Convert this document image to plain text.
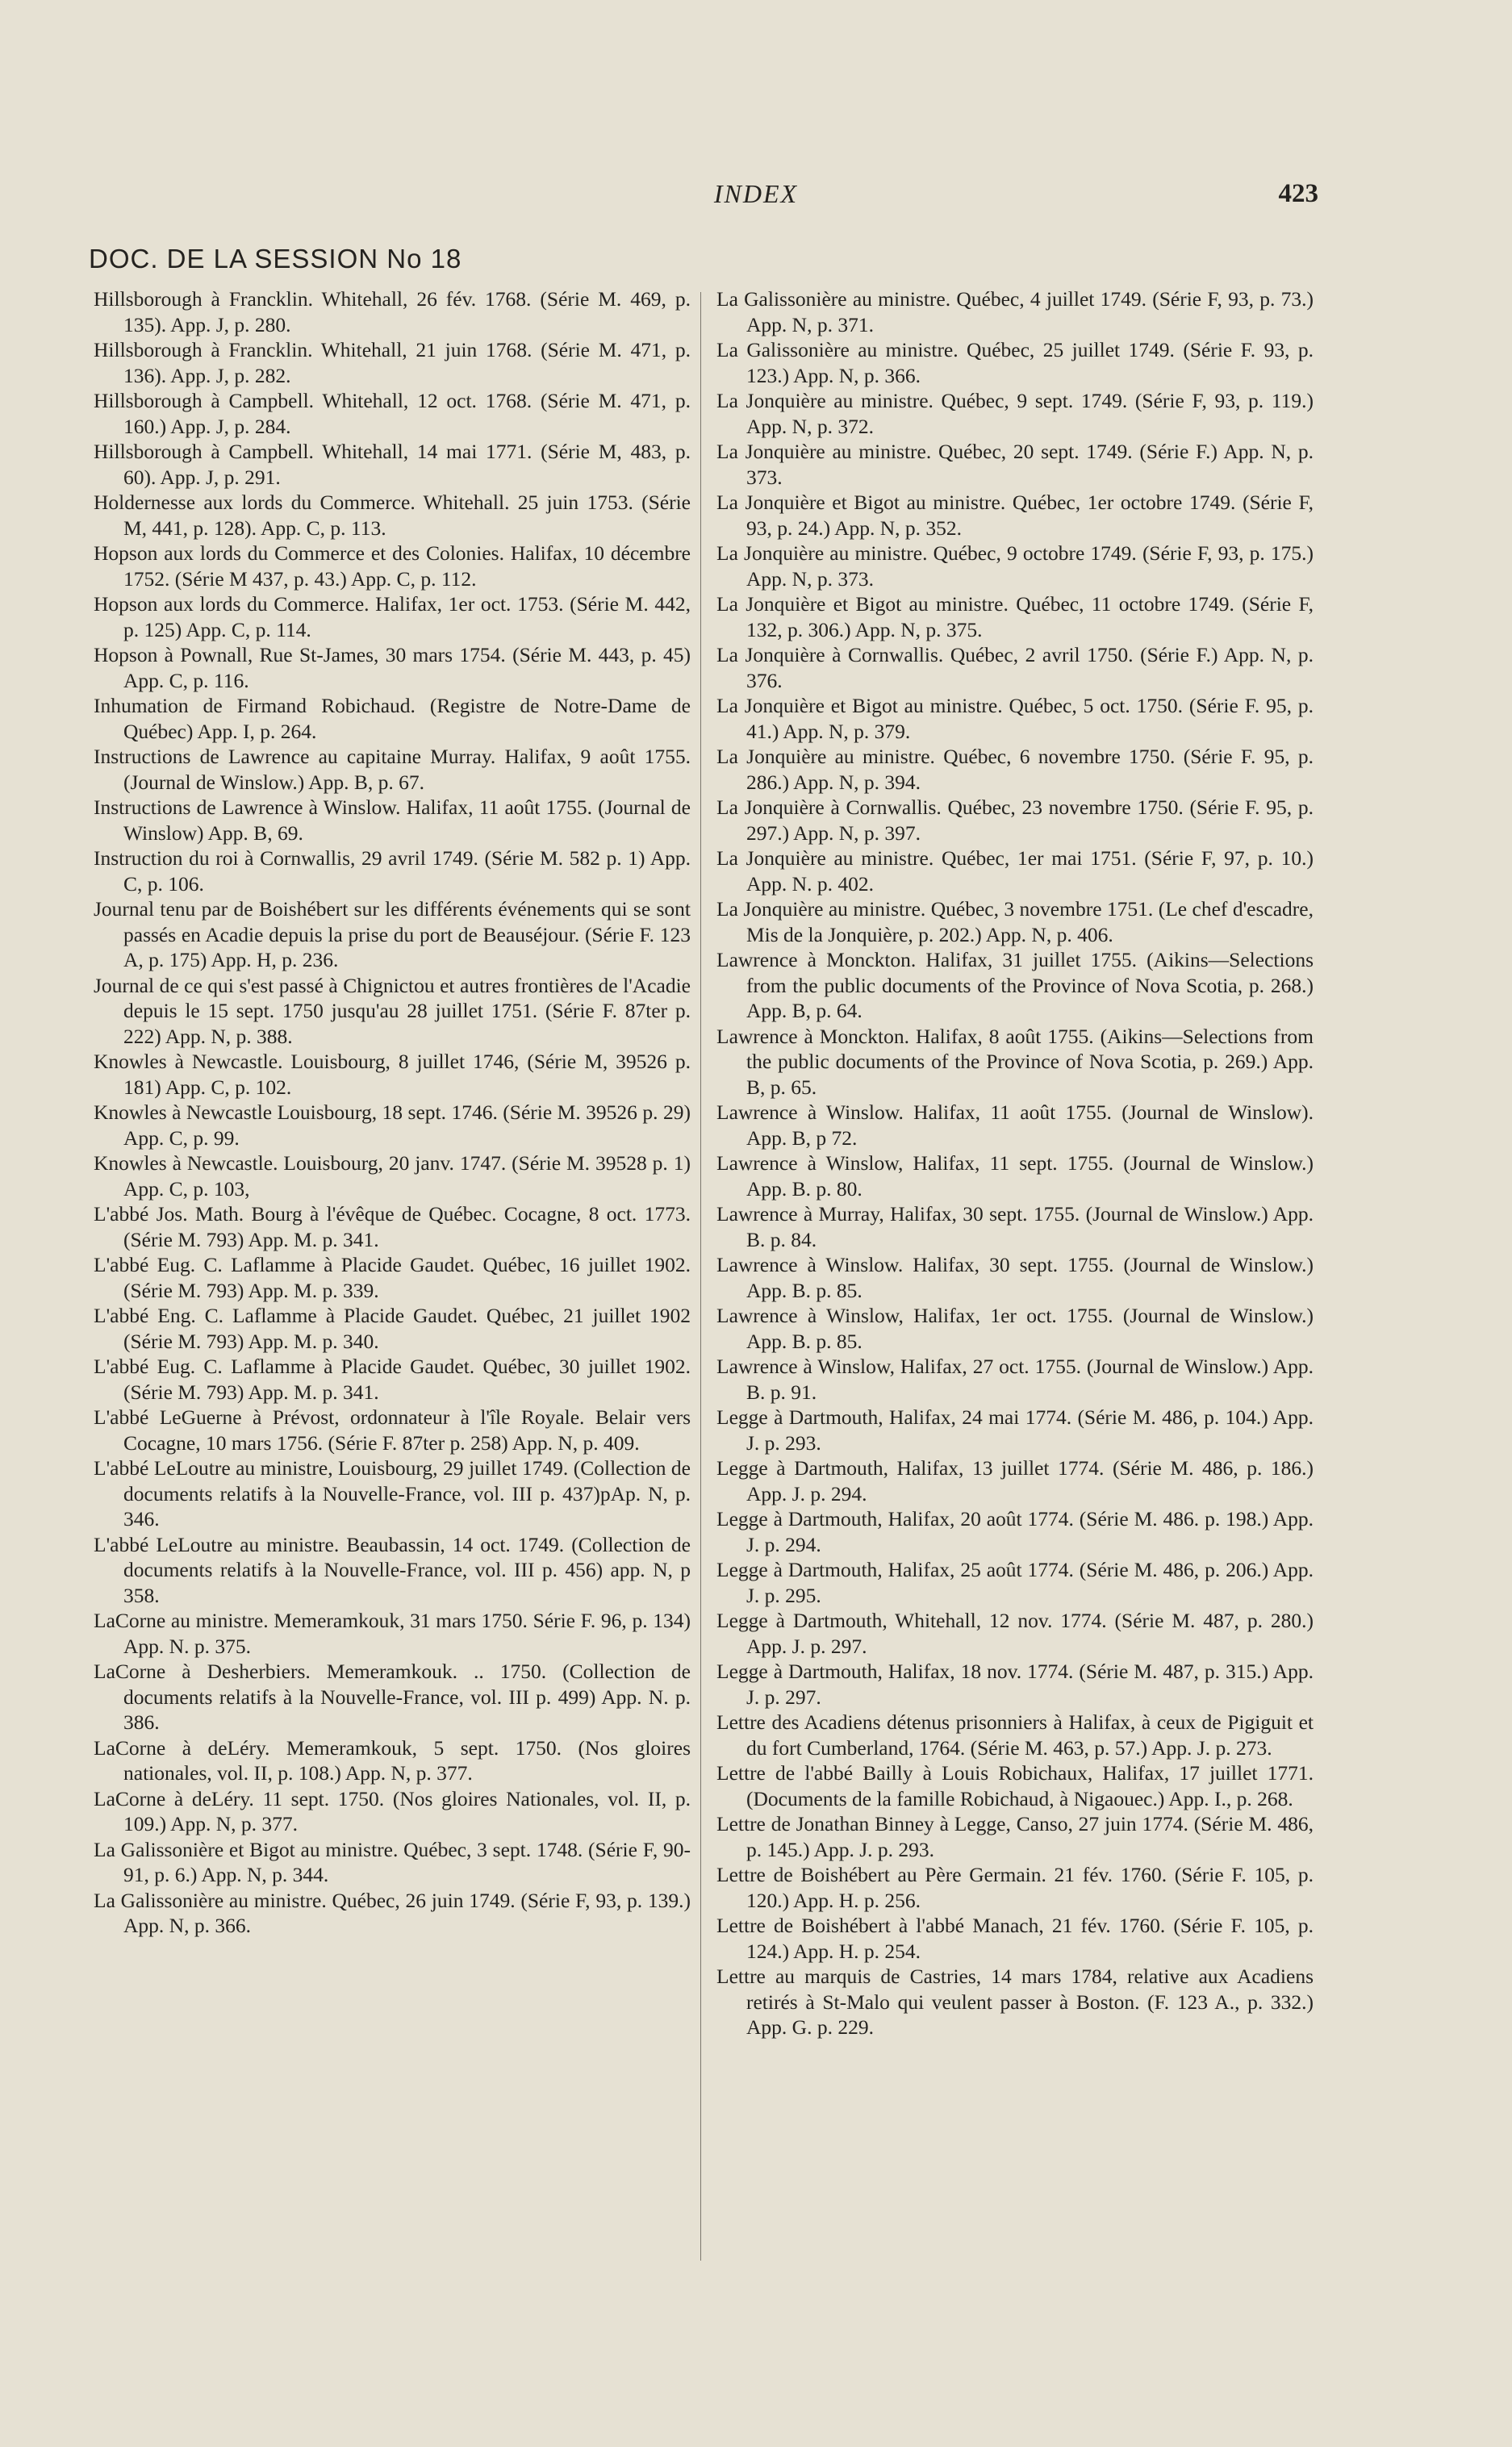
INDEX	423
DOC. DE LA SESSION No 18

Hillsborough à Francklin. Whitehall, 26 fév. 1768. (Série M. 469, p. 135). App. J, p. 280.

Hillsborough à Francklin. Whitehall, 21 juin 1768. (Série M. 471, p. 136). App. J, p. 282.

Hillsborough à Campbell. Whitehall, 12 oct. 1768. (Série M. 471, p. 160.) App. J, p. 284.

Hillsborough à Campbell. Whitehall, 14 mai 1771. (Série M, 483, p. 60). App. J, p. 291.

Holdernesse aux lords du Commerce. Whitehall. 25 juin 1753. (Série M, 441, p. 128). App. C, p. 113.

Hopson aux lords du Commerce et des Colonies. Halifax, 10 décembre 1752. (Série M 437, p. 43.) App. C, p. 112.

Hopson aux lords du Commerce. Halifax, 1er oct. 1753. (Série M. 442, p. 125) App. C, p. 114.

Hopson à Pownall, Rue St-James, 30 mars 1754. (Série M. 443, p. 45) App. C, p. 116.

Inhumation de Firmand Robichaud. (Registre de Notre-Dame de Québec) App. I, p. 264.

Instructions de Lawrence au capitaine Murray. Halifax, 9 août 1755. (Journal de Winslow.) App. B, p. 67.

Instructions de Lawrence à Winslow. Halifax, 11 août 1755. (Journal de Winslow) App. B, 69.

Instruction du roi à Cornwallis, 29 avril 1749. (Série M. 582 p. 1) App. C, p. 106.

Journal tenu par de Boishébert sur les différents événements qui se sont passés en Acadie depuis la prise du port de Beauséjour. (Série F. 123 A, p. 175) App. H, p. 236.

Journal de ce qui s'est passé à Chignictou et autres frontières de l'Acadie depuis le 15 sept. 1750 jusqu'au 28 juillet 1751. (Série F. 87ter p. 222) App. N, p. 388.

Knowles à Newcastle. Louisbourg, 8 juillet 1746, (Série M, 39526 p. 181) App. C, p. 102.

Knowles à Newcastle Louisbourg, 18 sept. 1746. (Série M. 39526 p. 29) App. C, p. 99.

Knowles à Newcastle. Louisbourg, 20 janv. 1747. (Série M. 39528 p. 1) App. C, p. 103,

L'abbé Jos. Math. Bourg à l'évêque de Québec. Cocagne, 8 oct. 1773. (Série M. 793) App. M. p. 341.

L'abbé Eug. C. Laflamme à Placide Gaudet. Québec, 16 juillet 1902. (Série M. 793) App. M. p. 339.

L'abbé Eng. C. Laflamme à Placide Gaudet. Québec, 21 juillet 1902 (Série M. 793) App. M. p. 340.

L'abbé Eug. C. Laflamme à Placide Gaudet. Québec, 30 juillet 1902. (Série M. 793) App. M. p. 341.

L'abbé LeGuerne à Prévost, ordonnateur à l'île Royale. Belair vers Cocagne, 10 mars 1756. (Série F. 87ter p. 258) App. N, p. 409.

L'abbé LeLoutre au ministre, Louisbourg, 29 juillet 1749. (Collection de documents relatifs à la Nouvelle-France, vol. III p. 437)pAp. N, p. 346.

L'abbé LeLoutre au ministre. Beaubassin, 14 oct. 1749. (Collection de documents relatifs à la Nouvelle-France, vol. III p. 456) app. N, p 358.

LaCorne au ministre. Memeramkouk, 31 mars 1750. Série F. 96, p. 134) App. N. p. 375.

LaCorne à Desherbiers. Memeramkouk. .. 1750. (Collection de documents relatifs à la Nouvelle-France, vol. III p. 499) App. N. p. 386.

LaCorne à deLéry. Memeramkouk, 5 sept. 1750. (Nos gloires nationales, vol. II, p. 108.) App. N, p. 377.

LaCorne à deLéry. 11 sept. 1750. (Nos gloires Nationales, vol. II, p. 109.) App. N, p. 377.

La Galissonière et Bigot au ministre. Québec, 3 sept. 1748. (Série F, 90-91, p. 6.) App. N, p. 344.

La Galissonière au ministre. Québec, 26 juin 1749. (Série F, 93, p. 139.) App. N, p. 366.

La Galissonière au ministre. Québec, 4 juillet 1749. (Série F, 93, p. 73.) App. N, p. 371.

La Galissonière au ministre. Québec, 25 juillet 1749. (Série F. 93, p. 123.) App. N, p. 366.

La Jonquière au ministre. Québec, 9 sept. 1749. (Série F, 93, p. 119.) App. N, p. 372.

La Jonquière au ministre. Québec, 20 sept. 1749. (Série F.) App. N, p. 373.

La Jonquière et Bigot au ministre. Québec, 1er octobre 1749. (Série F, 93, p. 24.) App. N, p. 352.

La Jonquière au ministre. Québec, 9 octobre 1749. (Série F, 93, p. 175.) App. N, p. 373.

La Jonquière et Bigot au ministre. Québec, 11 octobre 1749. (Série F, 132, p. 306.) App. N, p. 375.

La Jonquière à Cornwallis. Québec, 2 avril 1750. (Série F.) App. N, p. 376.

La Jonquière et Bigot au ministre. Québec, 5 oct. 1750. (Série F. 95, p. 41.) App. N, p. 379.

La Jonquière au ministre. Québec, 6 novembre 1750. (Série F. 95, p. 286.) App. N, p. 394.

La Jonquière à Cornwallis. Québec, 23 novembre 1750. (Série F. 95, p. 297.) App. N, p. 397.

La Jonquière au ministre. Québec, 1er mai 1751. (Série F, 97, p. 10.) App. N. p. 402.

La Jonquière au ministre. Québec, 3 novembre 1751. (Le chef d'escadre, Mis de la Jonquière, p. 202.) App. N, p. 406.

Lawrence à Monckton. Halifax, 31 juillet 1755. (Aikins—Selections from the public documents of the Province of Nova Scotia, p. 268.) App. B, p. 64.

Lawrence à Monckton. Halifax, 8 août 1755. (Aikins—Selections from the public documents of the Province of Nova Scotia, p. 269.) App. B, p. 65.

Lawrence à Winslow. Halifax, 11 août 1755. (Journal de Winslow). App. B, p 72.

Lawrence à Winslow, Halifax, 11 sept. 1755. (Journal de Winslow.) App. B. p. 80.

Lawrence à Murray, Halifax, 30 sept. 1755. (Journal de Winslow.) App. B. p. 84.

Lawrence à Winslow. Halifax, 30 sept. 1755. (Journal de Winslow.) App. B. p. 85.

Lawrence à Winslow, Halifax, 1er oct. 1755. (Journal de Winslow.) App. B. p. 85.

Lawrence à Winslow, Halifax, 27 oct. 1755. (Journal de Winslow.) App. B. p. 91.

Legge à Dartmouth, Halifax, 24 mai 1774. (Série M. 486, p. 104.) App. J. p. 293.

Legge à Dartmouth, Halifax, 13 juillet 1774. (Série M. 486, p. 186.) App. J. p. 294.

Legge à Dartmouth, Halifax, 20 août 1774. (Série M. 486. p. 198.) App. J. p. 294.

Legge à Dartmouth, Halifax, 25 août 1774. (Série M. 486, p. 206.) App. J. p. 295.

Legge à Dartmouth, Whitehall, 12 nov. 1774. (Série M. 487, p. 280.) App. J. p. 297.

Legge à Dartmouth, Halifax, 18 nov. 1774. (Série M. 487, p. 315.) App. J. p. 297.

Lettre des Acadiens détenus prisonniers à Halifax, à ceux de Pigiguit et du fort Cumberland, 1764. (Série M. 463, p. 57.) App. J. p. 273.

Lettre de l'abbé Bailly à Louis Robichaux, Halifax, 17 juillet 1771. (Documents de la famille Robichaud, à Nigaouec.) App. I., p. 268.

Lettre de Jonathan Binney à Legge, Canso, 27 juin 1774. (Série M. 486, p. 145.) App. J. p. 293.

Lettre de Boishébert au Père Germain. 21 fév. 1760. (Série F. 105, p. 120.) App. H. p. 256.

Lettre de Boishébert à l'abbé Manach, 21 fév. 1760. (Série F. 105, p. 124.) App. H. p. 254.

Lettre au marquis de Castries, 14 mars 1784, relative aux Acadiens retirés à St-Malo qui veulent passer à Boston. (F. 123 A., p. 332.) App. G. p. 229.
